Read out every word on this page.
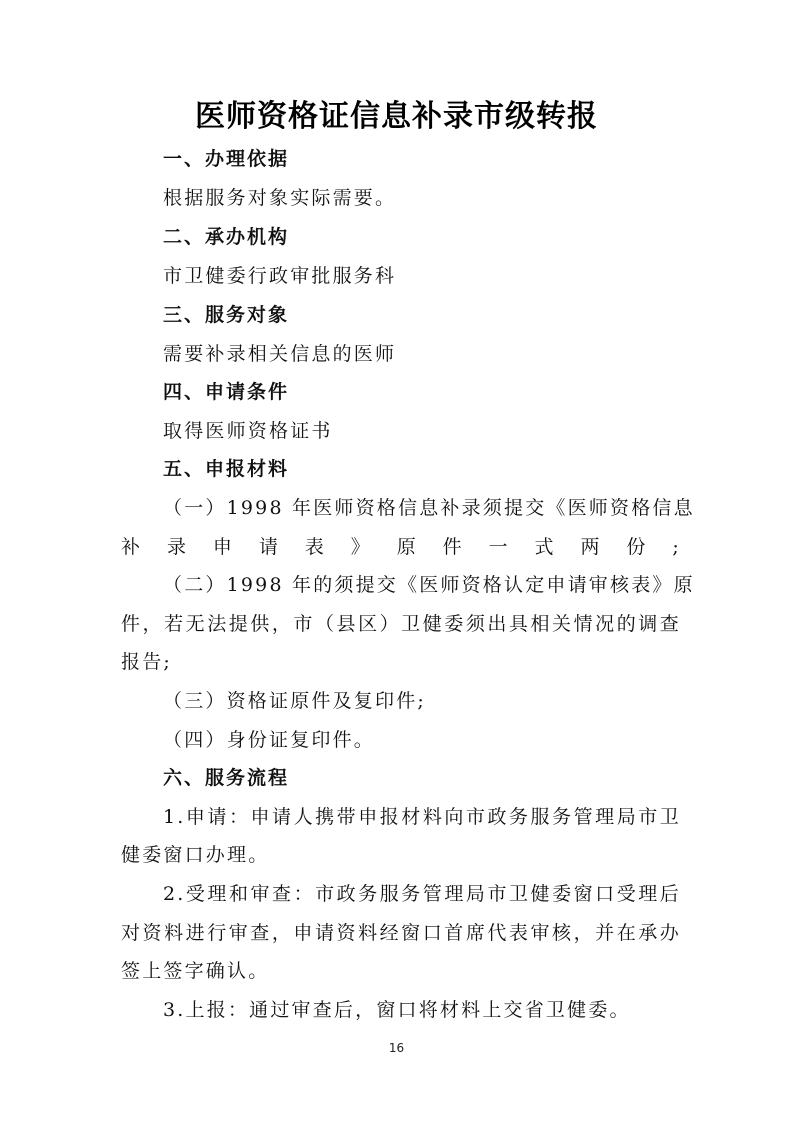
医师资格证信息补录市级转报
一、办理依据
根据服务对象实际需要。
二、承办机构
市卫健委行政审批服务科
三、服务对象
需要补录相关信息的医师
四、申请条件
取得医师资格证书
五、申报材料
（一）1998 年医师资格信息补录须提交《医师资格信息
补录申请表》原件一式两份;
（二）1998 年的须提交《医师资格认定申请审核表》原
件，若无法提供，市（县区）卫健委须出具相关情况的调查
报告;
（三）资格证原件及复印件;
（四）身份证复印件。
六、服务流程
1.申请：申请人携带申报材料向市政务服务管理局市卫
健委窗口办理。
2.受理和审查：市政务服务管理局市卫健委窗口受理后
对资料进行审查，申请资料经窗口首席代表审核，并在承办
签上签字确认。
3.上报：通过审查后，窗口将材料上交省卫健委。
16
